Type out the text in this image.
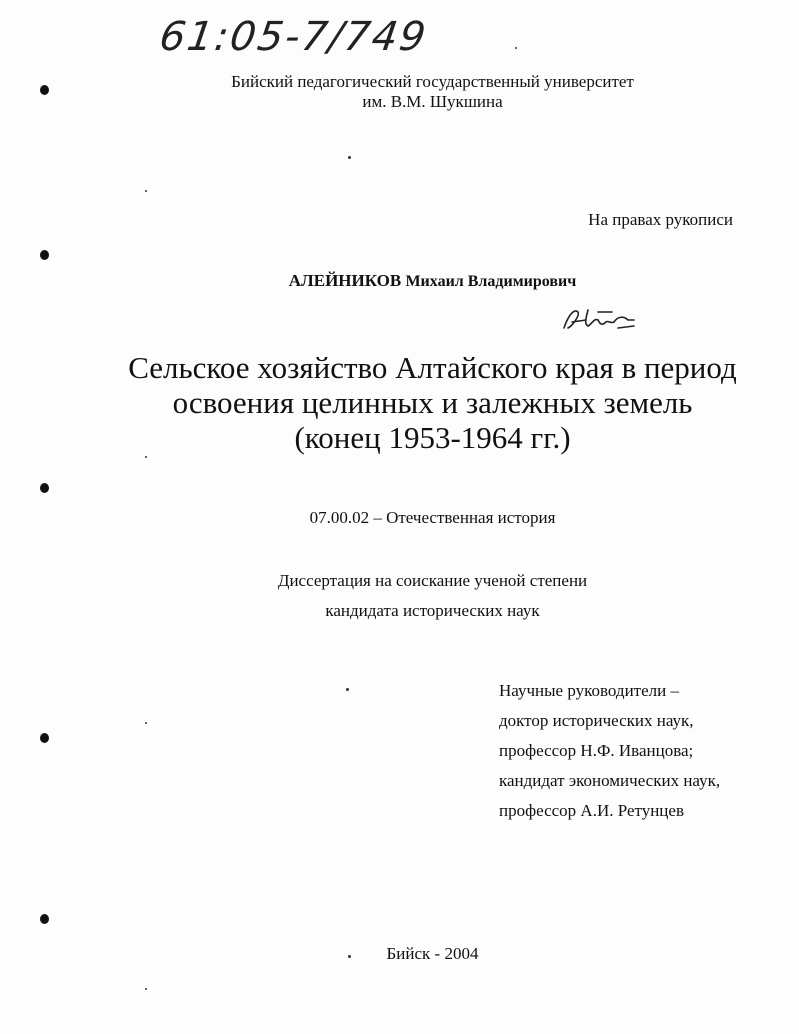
61:05-7/749
Бийский педагогический государственный университет
им. В.М. Шукшина
На правах рукописи
АЛЕЙНИКОВ Михаил Владимирович
Сельское хозяйство Алтайского края в период
освоения целинных и залежных земель
(конец 1953-1964 гг.)
07.00.02 – Отечественная история
Диссертация на соискание ученой степени
кандидата исторических наук
Научные руководители –
доктор исторических наук,
профессор Н.Ф. Иванцова;
кандидат экономических наук,
профессор А.И. Ретунцев
Бийск - 2004
